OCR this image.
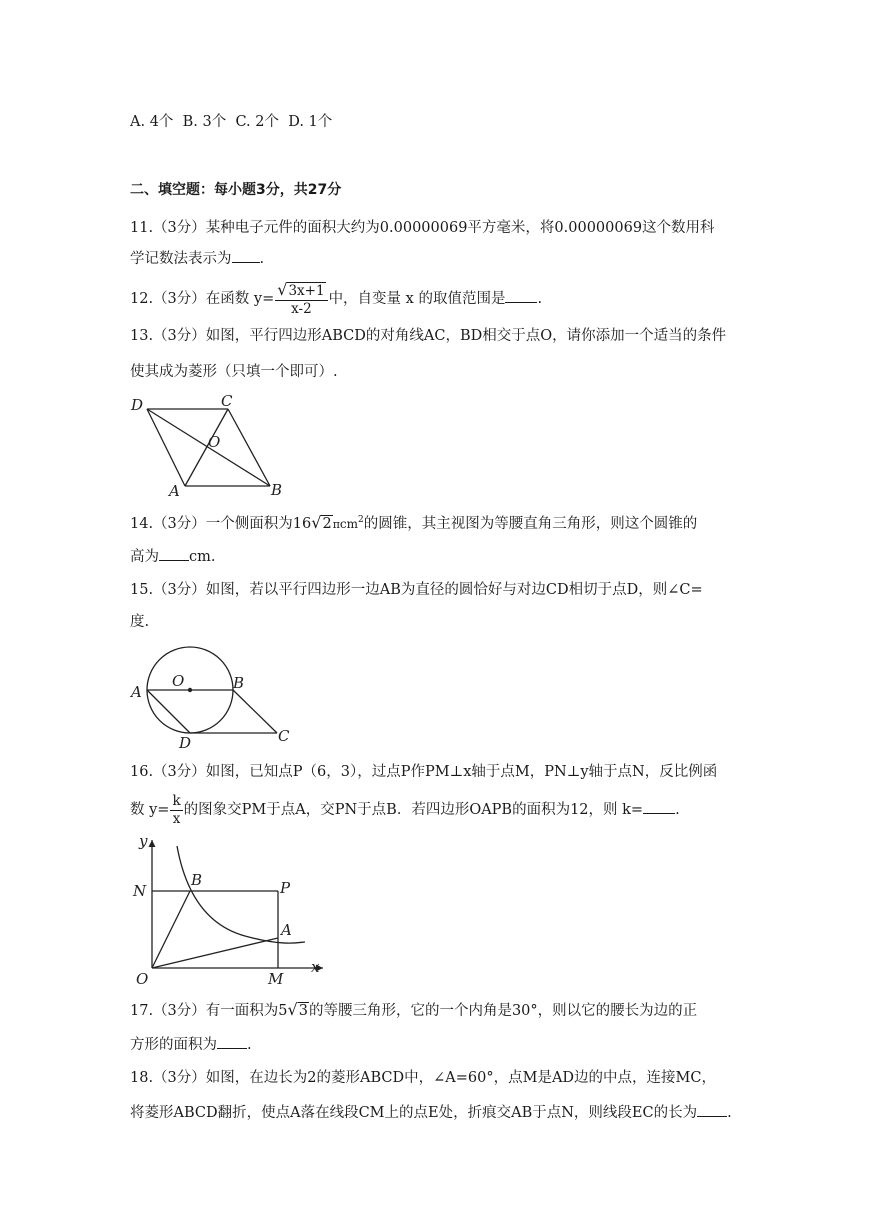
A. 4个 B. 3个 C. 2个 D. 1个
二、填空题：每小题3分，共27分
11.（3分）某种电子元件的面积大约为0.00000069平方毫米，将0.00000069这个数用科
学记数法表示为 .
12.（3分）在函数 $y= \frac{√3x+1}{x-2}$ 中，自变量 x 的取值范围是 .
13.（3分）如图，平行四边形ABCD的对角线AC，BD相交于点O，请你添加一个适当的条件
使其成为菱形（只填一个即可）.
D	C
O
A	B
14.（3分）一个侧面积为16√2πcm$^2$的圆锥，其主视图为等腰直角三角形，则这个圆锥的
高为 cm.
15.（3分）如图，若以平行四边形一边AB为直径的圆恰好与对边CD相切于点D，则∠C=
度.
A
O	B
D	C
16.（3分）如图，已知点P（6，3），过点P作PM⊥x轴于点M，PN⊥y轴于点N，反比例函
数 $y= \frac{k}{x}$ 的图象交PM于点A，交PN于点B．若四边形OAPB的面积为12，则 k= .
y
x
N
B	P
A
O	M
17.（3分）有一面积为5√3的等腰三角形，它的一个内角是30°，则以它的腰长为边的正
方形的面积为 .
18.（3分）如图，在边长为2的菱形ABCD中，∠A=60°，点M是AD边的中点，连接MC，
将菱形ABCD翻折，使点A落在线段CM上的点E处，折痕交AB于点N，则线段EC的长为 .
